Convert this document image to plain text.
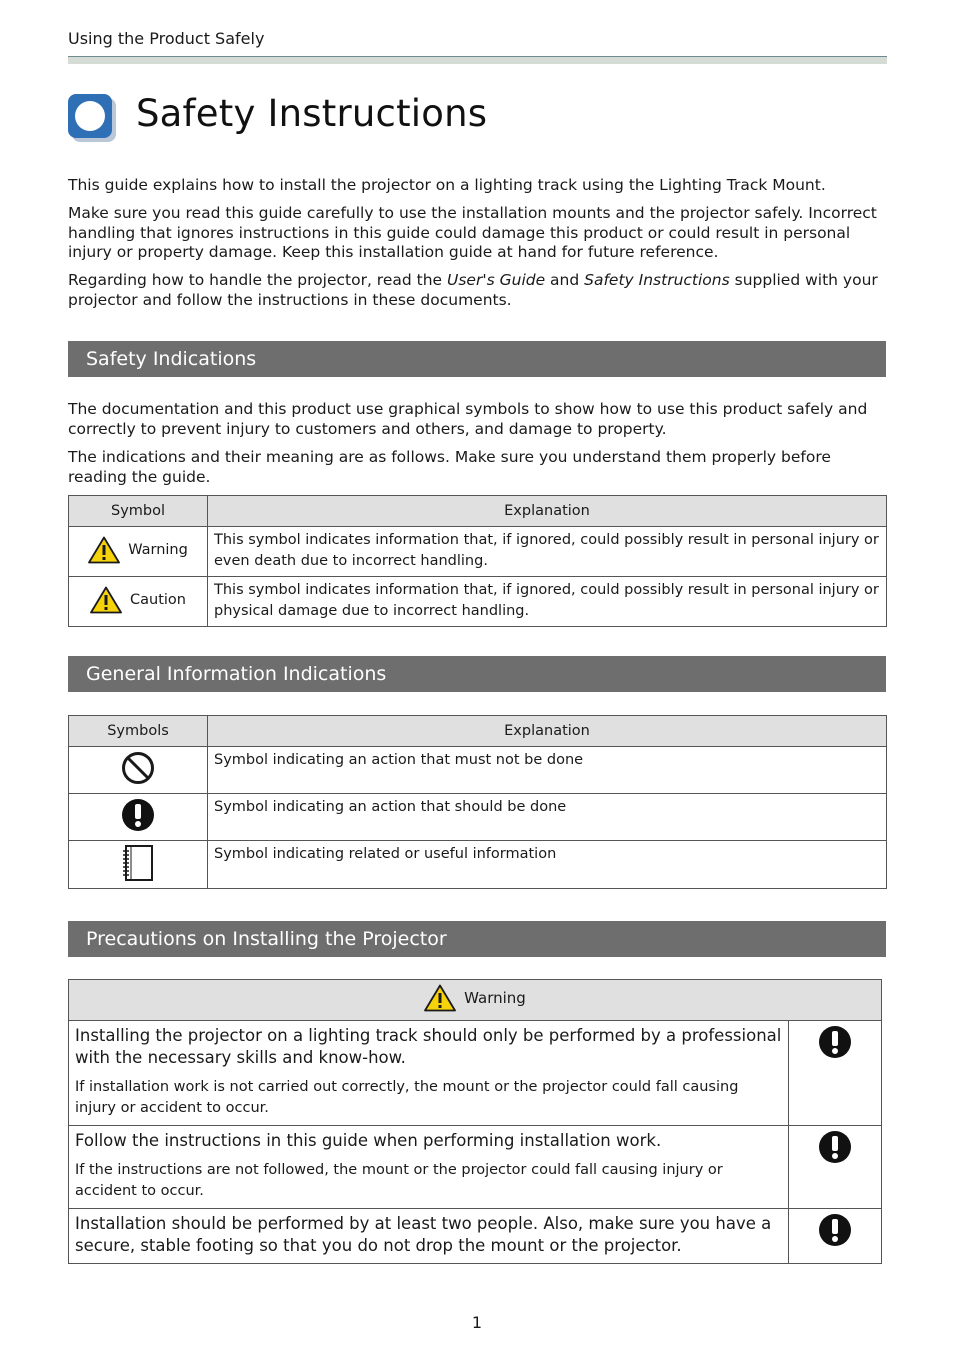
Using the Product Safely
Safety Instructions

This guide explains how to install the projector on a lighting track using the Lighting Track Mount.

Make sure you read this guide carefully to use the installation mounts and the projector safely. Incorrect handling that ignores instructions in this guide could damage this product or could result in personal injury or property damage. Keep this installation guide at hand for future reference.

Regarding how to handle the projector, read the User's Guide and Safety Instructions supplied with your projector and follow the instructions in these documents.

Safety Indications

The documentation and this product use graphical symbols to show how to use this product safely and correctly to prevent injury to customers and others, and damage to property.

The indications and their meaning are as follows. Make sure you understand them properly before reading the guide.

Symbol	Explanation

Warning	This symbol indicates information that, if ignored, could possibly result in personal injury or even death due to incorrect handling.

Caution	This symbol indicates information that, if ignored, could possibly result in personal injury or physical damage due to incorrect handling.
General Information Indications
Symbols	Explanation
	Symbol indicating an action that must not be done
	Symbol indicating an action that should be done
	Symbol indicating related or useful information
Precautions on Installing the Projector
Warning	

Installing the projector on a lighting track should only be performed by a professional with the necessary skills and know-how.

If installation work is not carried out correctly, the mount or the projector could fall causing injury or accident to occur.

Follow the instructions in this guide when performing installation work.

If the instructions are not followed, the mount or the projector could fall causing injury or accident to occur.

Installation should be performed by at least two people. Also, make sure you have a secure, stable footing so that you do not drop the mount or the projector.

1
